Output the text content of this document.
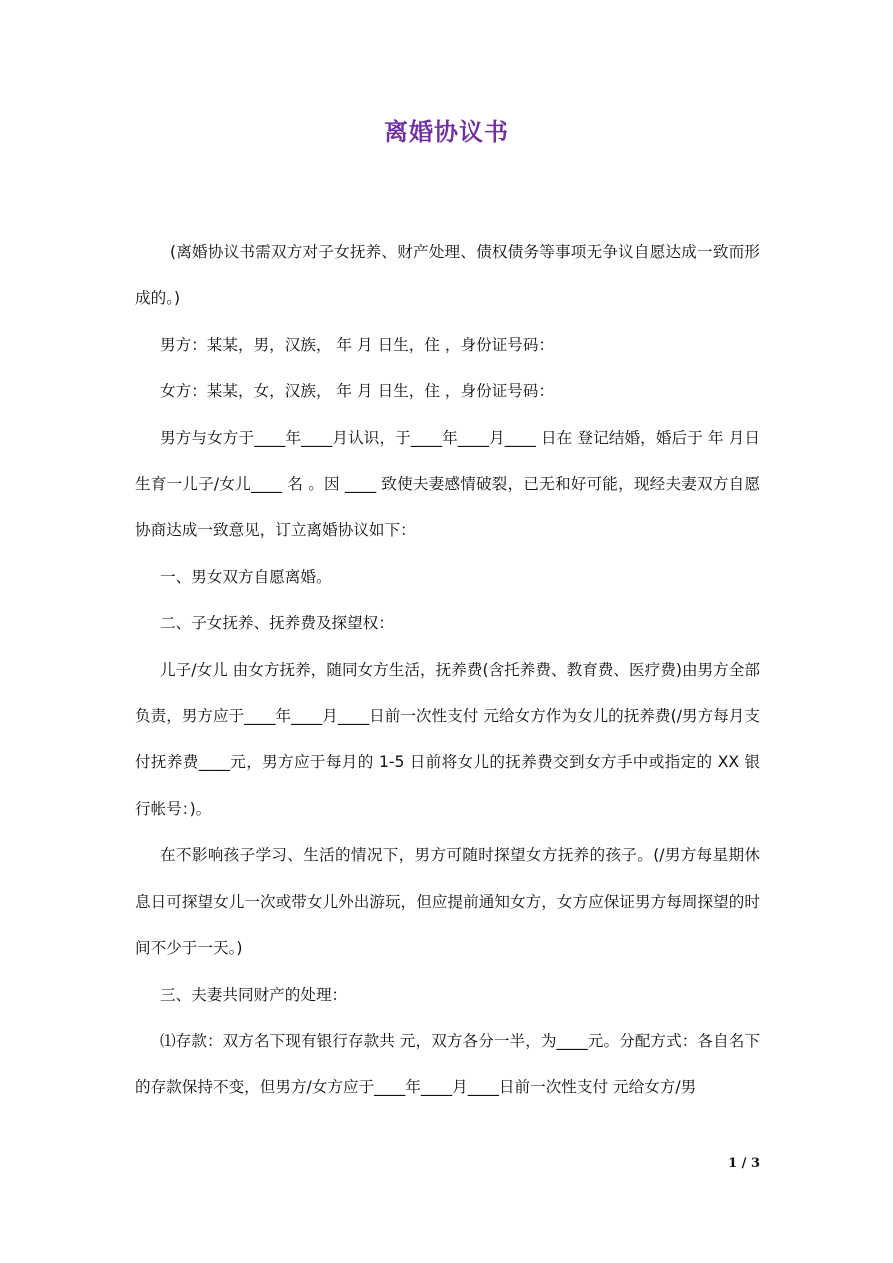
离婚协议书

(离婚协议书需双方对子女抚养、财产处理、债权债务等事项无争议自愿达成一致而形成的。)

男方：某某，男，汉族， 年 月 日生，住 ，身份证号码：

女方：某某，女，汉族， 年 月 日生，住 ，身份证号码：

男方与女方于____年____月认识，于____年____月____ 日在 登记结婚，婚后于 年 月日生育一儿子/女儿____ 名 。因 ____ 致使夫妻感情破裂，已无和好可能，现经夫妻双方自愿协商达成一致意见，订立离婚协议如下：

一、男女双方自愿离婚。

二、子女抚养、抚养费及探望权：

儿子/女儿 由女方抚养，随同女方生活，抚养费(含托养费、教育费、医疗费)由男方全部负责，男方应于____年____月____日前一次性支付 元给女方作为女儿的抚养费(/男方每月支付抚养费____元，男方应于每月的 1-5 日前将女儿的抚养费交到女方手中或指定的 XX 银行帐号：)。

在不影响孩子学习、生活的情况下，男方可随时探望女方抚养的孩子。(/男方每星期休息日可探望女儿一次或带女儿外出游玩，但应提前通知女方，女方应保证男方每周探望的时间不少于一天。)

三、夫妻共同财产的处理：

⑴存款：双方名下现有银行存款共 元，双方各分一半，为____元。分配方式：各自名下的存款保持不变，但男方/女方应于____年____月____日前一次性支付 元给女方/男

1 / 3
